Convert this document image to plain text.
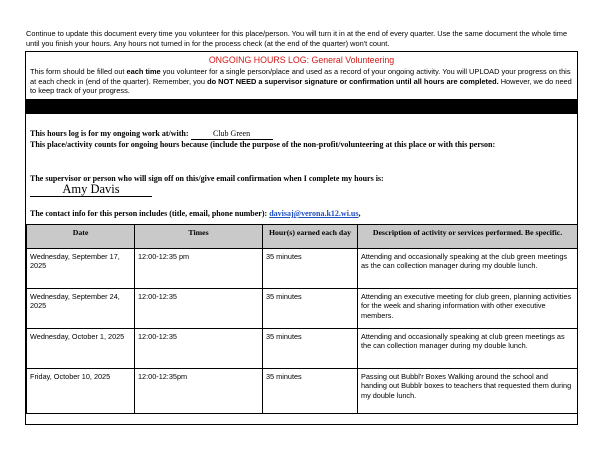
Continue to update this document every time you volunteer for this place/person. You will turn it in at the end of every quarter. Use the same document the whole time until you finish your hours. Any hours not turned in for the process check (at the end of the quarter) won't count.
ONGOING HOURS LOG: General Volunteering
This form should be filled out each time you volunteer for a single person/place and used as a record of your ongoing activity. You will UPLOAD your progress on this at each check in (end of the quarter). Remember, you do NOT NEED a supervisor signature or confirmation until all hours are completed. However, we do need to keep track of your progress.
This hours log is for my ongoing work at/with:	Club Green
This place/activity counts for ongoing hours because (include the purpose of the non-profit/volunteering at this place or with this person:
The supervisor or person who will sign off on this/give email confirmation when I complete my hours is:
Amy Davis
The contact info for this person includes (title, email, phone number): davisaj@verona.k12.wi.us,
Date	Times	Hour(s) earned each day	Description of activity or services performed. Be specific.
Wednesday, September 17, 2025	12:00-12:35 pm	35 minutes	Attending and occasionally speaking at the club green meetings as the can collection manager during my double lunch.
Wednesday, September 24, 2025	12:00-12:35	35 minutes	Attending an executive meeting for club green, planning activities for the week and sharing information with other executive members.
Wednesday, October 1, 2025	12:00-12:35	35 minutes	Attending and occasionally speaking at club green meetings as the can collection manager during my double lunch.
Friday, October 10, 2025	12:00-12:35pm	35 minutes	Passing out Bubbl'r Boxes Walking around the school and handing out Bubblr boxes to teachers that requested them during my double lunch.
